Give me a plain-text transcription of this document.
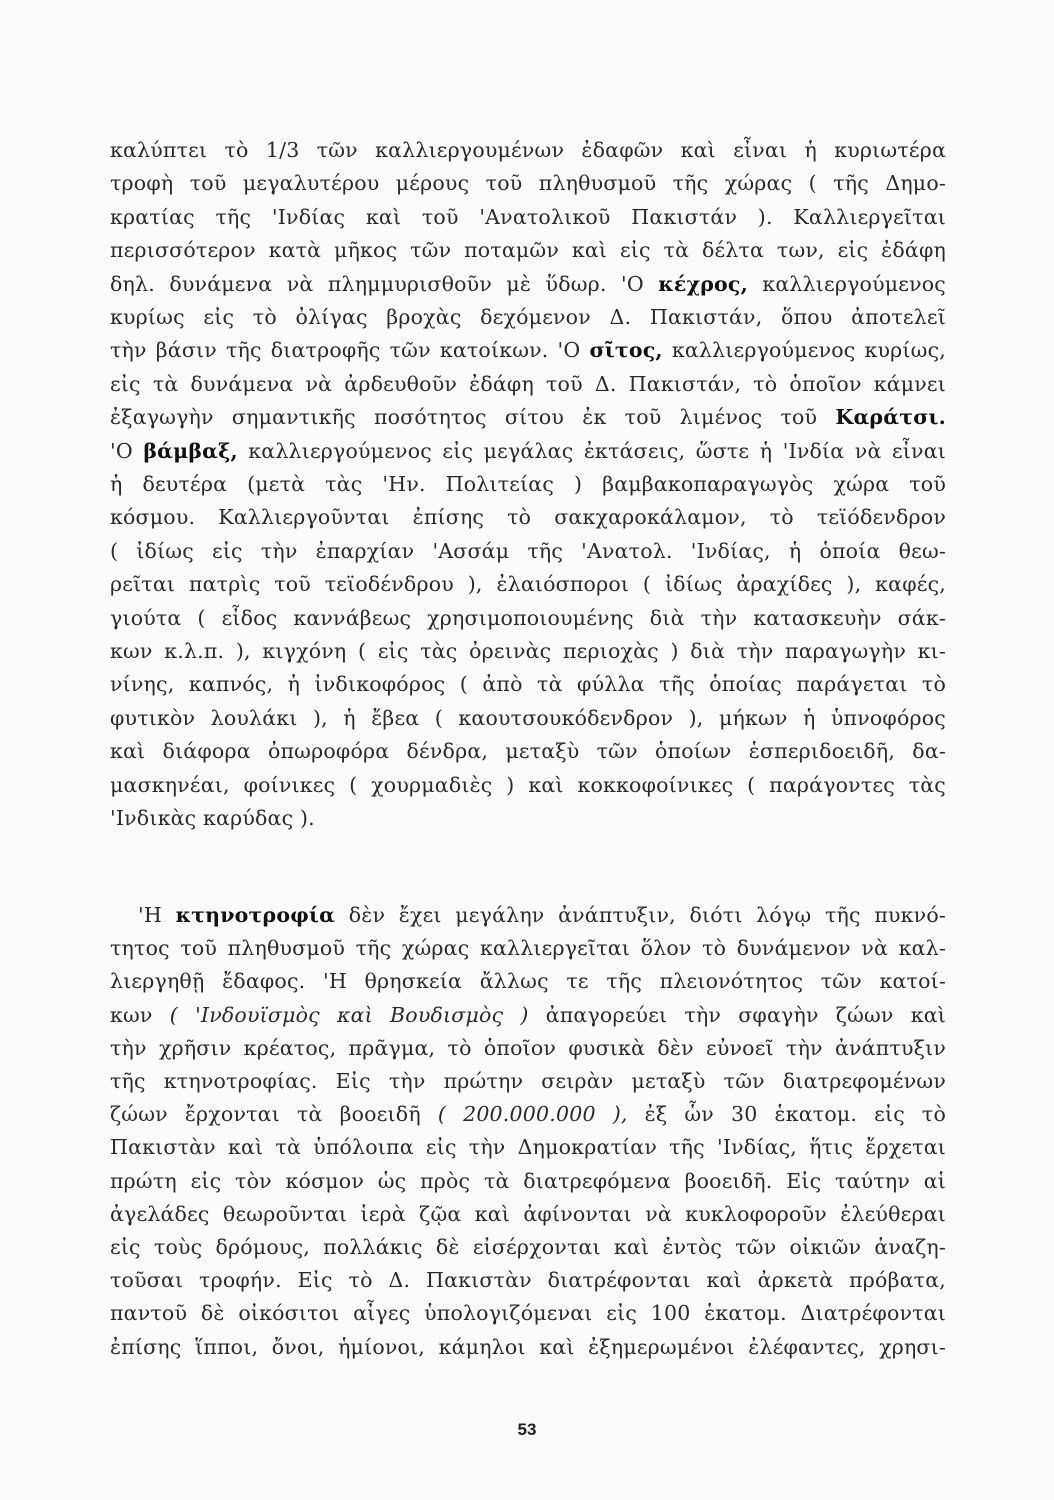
καλύπτει τὸ 1/3 τῶν καλλιεργουμένων ἐδαφῶν καὶ εἶναι ἡ κυριωτέρα
τροφὴ τοῦ μεγαλυτέρου μέρους τοῦ πληθυσμοῦ τῆς χώρας ( τῆς Δημο-
κρατίας τῆς 'Ινδίας καὶ τοῦ 'Ανατολικοῦ Πακιστάν ). Καλλιεργεῖται
περισσότερον κατὰ μῆκος τῶν ποταμῶν καὶ εἰς τὰ δέλτα των, εἰς ἐδάφη
δηλ. δυνάμενα νὰ πλημμυρισθοῦν μὲ ὕδωρ. 'Ο κέχρος, καλλιεργούμενος
κυρίως εἰς τὸ ὀλίγας βροχὰς δεχόμενον Δ. Πακιστάν, ὅπου ἀποτελεῖ
τὴν βάσιν τῆς διατροφῆς τῶν κατοίκων. 'Ο σῖτος, καλλιεργούμενος κυρίως,
εἰς τὰ δυνάμενα νὰ ἀρδευθοῦν ἐδάφη τοῦ Δ. Πακιστάν, τὸ ὁποῖον κάμνει
ἐξαγωγὴν σημαντικῆς ποσότητος σίτου ἐκ τοῦ λιμένος τοῦ Καράτσι.
'Ο βάμβαξ, καλλιεργούμενος εἰς μεγάλας ἐκτάσεις, ὥστε ἡ 'Ινδία νὰ εἶναι
ἡ δευτέρα (μετὰ τὰς 'Ην. Πολιτείας ) βαμβακοπαραγωγὸς χώρα τοῦ
κόσμου. Καλλιεργοῦνται ἐπίσης τὸ σακχαροκάλαμον, τὸ τεϊόδενδρον
( ἰδίως εἰς τὴν ἐπαρχίαν 'Ασσάμ τῆς 'Ανατολ. 'Ινδίας, ἡ ὁποία θεω-
ρεῖται πατρὶς τοῦ τεϊοδένδρου ), ἐλαιόσποροι ( ἰδίως ἀραχίδες ), καφές,
γιούτα ( εἶδος καννάβεως χρησιμοποιουμένης διὰ τὴν κατασκευὴν σάκ-
κων κ.λ.π. ), κιγχόνη ( εἰς τὰς ὀρεινὰς περιοχὰς ) διὰ τὴν παραγωγὴν κι-
νίνης, καπνός, ἡ ἰνδικοφόρος ( ἀπὸ τὰ φύλλα τῆς ὁποίας παράγεται τὸ
φυτικὸν λουλάκι ), ἡ ἔβεα ( καουτσουκόδενδρον ), μήκων ἡ ὑπνοφόρος
καὶ διάφορα ὀπωροφόρα δένδρα, μεταξὺ τῶν ὁποίων ἑσπεριδοειδῆ, δα-
μασκηνέαι, φοίνικες ( χουρμαδιὲς ) καὶ κοκκοφοίνικες ( παράγοντες τὰς
'Ινδικὰς καρύδας ).
'Η κτηνοτροφία δὲν ἔχει μεγάλην ἀνάπτυξιν, διότι λόγῳ τῆς πυκνό-
τητος τοῦ πληθυσμοῦ τῆς χώρας καλλιεργεῖται ὅλον τὸ δυνάμενον νὰ καλ-
λιεργηθῇ ἔδαφος. 'Η θρησκεία ἄλλως τε τῆς πλειονότητος τῶν κατοί-
κων ( 'Ινδουϊσμὸς καὶ Βουδισμὸς ) ἀπαγορεύει τὴν σφαγὴν ζώων καὶ
τὴν χρῆσιν κρέατος, πρᾶγμα, τὸ ὁποῖον φυσικὰ δὲν εὐνοεῖ τὴν ἀνάπτυξιν
τῆς κτηνοτροφίας. Εἰς τὴν πρώτην σειρὰν μεταξὺ τῶν διατρεφομένων
ζώων ἔρχονται τὰ βοοειδῆ ( 200.000.000 ), ἐξ ὧν 30 ἑκατομ. εἰς τὸ
Πακιστὰν καὶ τὰ ὑπόλοιπα εἰς τὴν Δημοκρατίαν τῆς 'Ινδίας, ἥτις ἔρχεται
πρώτη εἰς τὸν κόσμον ὡς πρὸς τὰ διατρεφόμενα βοοειδῆ. Εἰς ταύτην αἱ
ἀγελάδες θεωροῦνται ἱερὰ ζῷα καὶ ἀφίνονται νὰ κυκλοφοροῦν ἐλεύθεραι
εἰς τοὺς δρόμους, πολλάκις δὲ εἰσέρχονται καὶ ἐντὸς τῶν οἰκιῶν ἀναζη-
τοῦσαι τροφήν. Εἰς τὸ Δ. Πακιστὰν διατρέφονται καὶ ἀρκετὰ πρόβατα,
παντοῦ δὲ οἰκόσιτοι αἶγες ὑπολογιζόμεναι εἰς 100 ἑκατομ. Διατρέφονται
ἐπίσης ἵπποι, ὄνοι, ἡμίονοι, κάμηλοι καὶ ἐξημερωμένοι ἐλέφαντες, χρησι-
53
